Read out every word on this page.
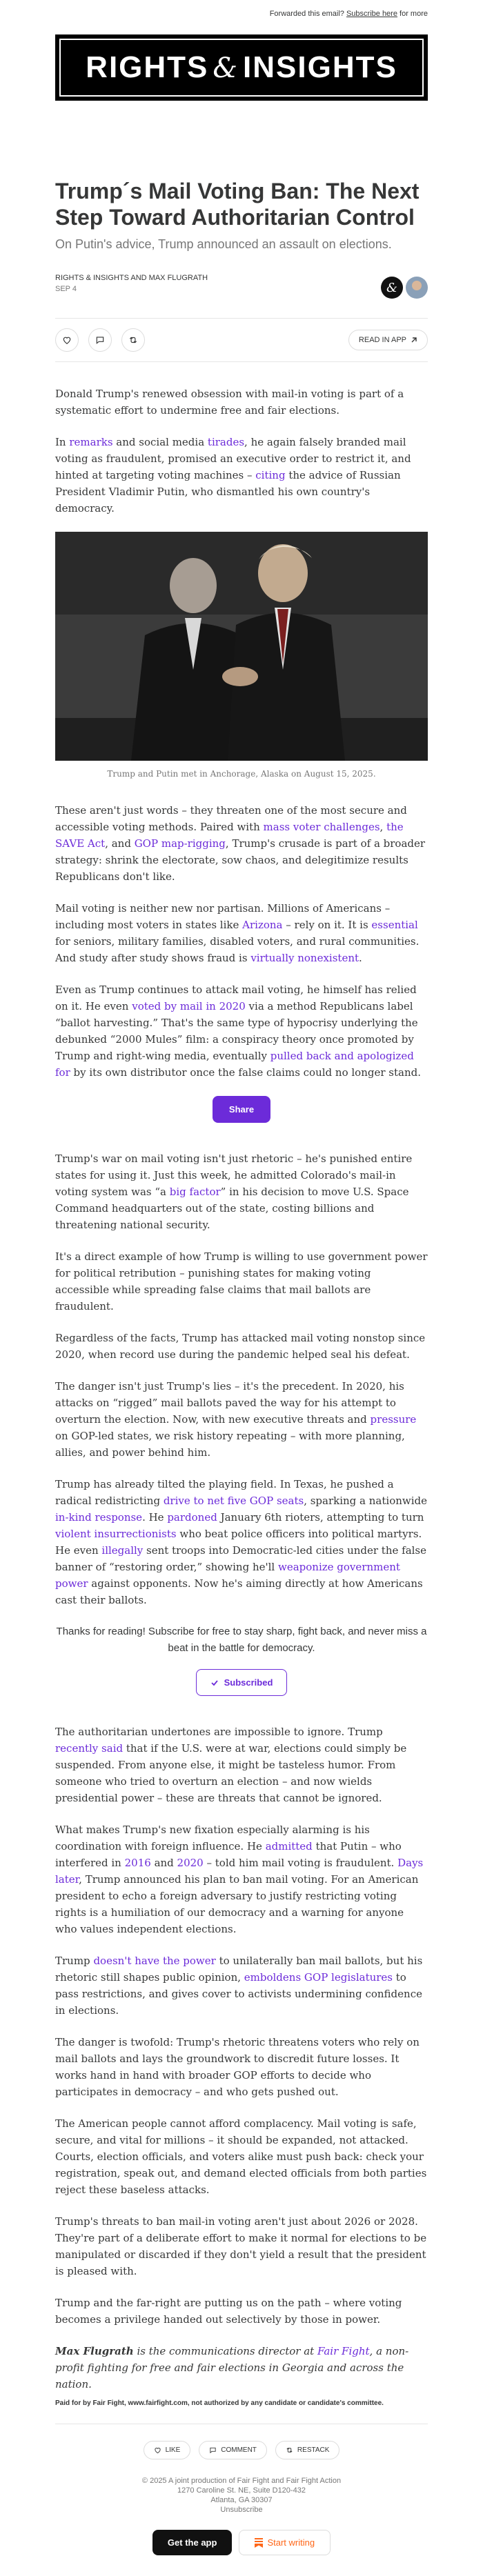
Forwarded this email? Subscribe here for more
RIGHTS & INSIGHTS
Trump´s Mail Voting Ban: The Next Step Toward Authoritarian Control
On Putin's advice, Trump announced an assault on elections.
RIGHTS & INSIGHTS AND MAX FLUGRATH
SEP 4	&
READ IN APP

Donald Trump's renewed obsession with mail-in voting is part of a systematic effort to undermine free and fair elections.

In remarks and social media tirades, he again falsely branded mail voting as fraudulent, promised an executive order to restrict it, and hinted at targeting voting machines – citing the advice of Russian President Vladimir Putin, who dismantled his own country's democracy.

Trump and Putin met in Anchorage, Alaska on August 15, 2025.

These aren't just words – they threaten one of the most secure and accessible voting methods. Paired with mass voter challenges, the SAVE Act, and GOP map-rigging, Trump's crusade is part of a broader strategy: shrink the electorate, sow chaos, and delegitimize results Republicans don't like.

Mail voting is neither new nor partisan. Millions of Americans – including most voters in states like Arizona – rely on it. It is essential for seniors, military families, disabled voters, and rural communities. And study after study shows fraud is virtually nonexistent.

Even as Trump continues to attack mail voting, he himself has relied on it. He even voted by mail in 2020 via a method Republicans label “ballot harvesting.” That's the same type of hypocrisy underlying the debunked “2000 Mules” film: a conspiracy theory once promoted by Trump and right-wing media, eventually pulled back and apologized for by its own distributor once the false claims could no longer stand.

Share

Trump's war on mail voting isn't just rhetoric – he's punished entire states for using it. Just this week, he admitted Colorado's mail-in voting system was “a big factor” in his decision to move U.S. Space Command headquarters out of the state, costing billions and threatening national security.

It's a direct example of how Trump is willing to use government power for political retribution – punishing states for making voting accessible while spreading false claims that mail ballots are fraudulent.

Regardless of the facts, Trump has attacked mail voting nonstop since 2020, when record use during the pandemic helped seal his defeat.

The danger isn't just Trump's lies – it's the precedent. In 2020, his attacks on “rigged” mail ballots paved the way for his attempt to overturn the election. Now, with new executive threats and pressure on GOP-led states, we risk history repeating – with more planning, allies, and power behind him.

Trump has already tilted the playing field. In Texas, he pushed a radical redistricting drive to net five GOP seats, sparking a nationwide in-kind response. He pardoned January 6th rioters, attempting to turn violent insurrectionists who beat police officers into political martyrs. He even illegally sent troops into Democratic-led cities under the false banner of “restoring order,” showing he'll weaponize government power against opponents. Now he's aiming directly at how Americans cast their ballots.

Thanks for reading! Subscribe for free to stay sharp, fight back, and never miss a beat in the battle for democracy.
Subscribed

The authoritarian undertones are impossible to ignore. Trump recently said that if the U.S. were at war, elections could simply be suspended. From anyone else, it might be tasteless humor. From someone who tried to overturn an election – and now wields presidential power – these are threats that cannot be ignored.

What makes Trump's new fixation especially alarming is his coordination with foreign influence. He admitted that Putin – who interfered in 2016 and 2020 – told him mail voting is fraudulent. Days later, Trump announced his plan to ban mail voting. For an American president to echo a foreign adversary to justify restricting voting rights is a humiliation of our democracy and a warning for anyone who values independent elections.

Trump doesn't have the power to unilaterally ban mail ballots, but his rhetoric still shapes public opinion, emboldens GOP legislatures to pass restrictions, and gives cover to activists undermining confidence in elections.

The danger is twofold: Trump's rhetoric threatens voters who rely on mail ballots and lays the groundwork to discredit future losses. It works hand in hand with broader GOP efforts to decide who participates in democracy – and who gets pushed out.

The American people cannot afford complacency. Mail voting is safe, secure, and vital for millions – it should be expanded, not attacked. Courts, election officials, and voters alike must push back: check your registration, speak out, and demand elected officials from both parties reject these baseless attacks.

Trump's threats to ban mail-in voting aren't just about 2026 or 2028. They're part of a deliberate effort to make it normal for elections to be manipulated or discarded if they don't yield a result that the president is pleased with.

Trump and the far-right are putting us on the path – where voting becomes a privilege handed out selectively by those in power.

Max Flugrath is the communications director at Fair Fight, a non-profit fighting for free and fair elections in Georgia and across the nation.

Paid for by Fair Fight, www.fairfight.com, not authorized by any candidate or candidate's committee.
LIKE	COMMENT	RESTACK
© 2025 A joint production of Fair Fight and Fair Fight Action
1270 Caroline St. NE, Suite D120-432
Atlanta, GA 30307
Unsubscribe
Get the app	Start writing
